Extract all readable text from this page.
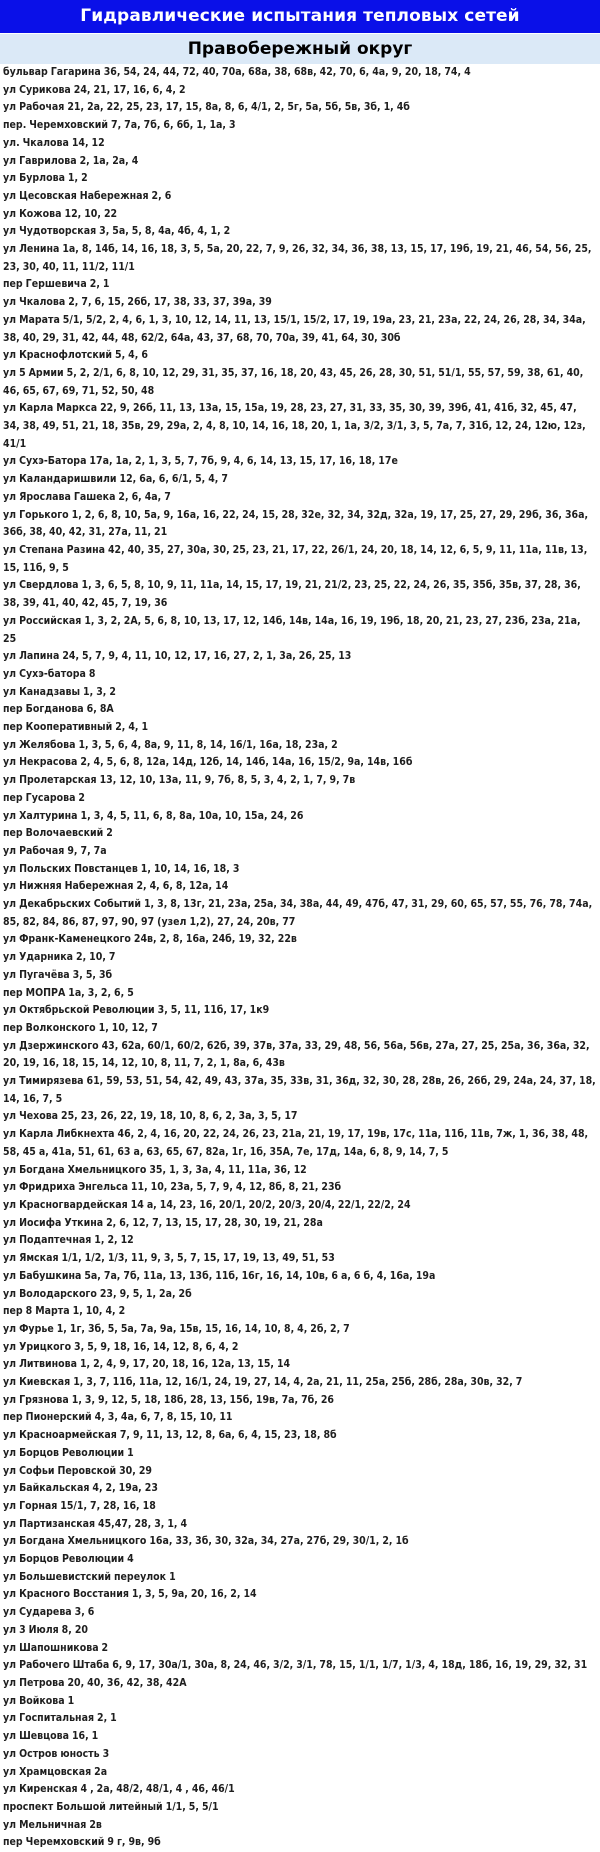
Гидравлические испытания тепловых сетей
Правобережный округ
бульвар Гагарина 36, 54, 24, 44, 72, 40, 70а, 68а, 38, 68в, 42, 70, 6, 4а, 9, 20, 18, 74, 4
ул Сурикова 24, 21, 17, 16, 6, 4, 2
ул Рабочая 21, 2а, 22, 25, 23, 17, 15, 8а, 8, 6, 4/1, 2, 5г, 5а, 5б, 5в, 3б, 1, 4б
пер. Черемховский 7, 7а, 7б, 6, 6б, 1, 1а, 3
ул. Чкалова 14, 12
ул Гаврилова 2, 1а, 2а, 4
ул Бурлова 1, 2
ул Цесовская Набережная 2, 6
ул Кожова 12, 10, 22
ул Чудотворская 3, 5а, 5, 8, 4а, 4б, 4, 1, 2
ул Ленина 1а, 8, 14б, 14, 16, 18, 3, 5, 5а, 20, 22, 7, 9, 26, 32, 34, 36, 38, 13, 15, 17, 19б, 19, 21, 46, 54, 56, 25, 23, 30, 40, 11, 11/2, 11/1
пер Гершевича 2, 1
ул Чкалова 2, 7, 6, 15, 26б, 17, 38, 33, 37, 39а, 39
ул Марата 5/1, 5/2, 2, 4, 6, 1, 3, 10, 12, 14, 11, 13, 15/1, 15/2, 17, 19, 19а, 23, 21, 23а, 22, 24, 26, 28, 34, 34а, 38, 40, 29, 31, 42, 44, 48, 62/2, 64а, 43, 37, 68, 70, 70а, 39, 41, 64, 30, 30б
ул Краснофлотский 5, 4, 6
ул 5 Армии 5, 2, 2/1, 6, 8, 10, 12, 29, 31, 35, 37, 16, 18, 20, 43, 45, 26, 28, 30, 51, 51/1, 55, 57, 59, 38, 61, 40, 46, 65, 67, 69, 71, 52, 50, 48
ул Карла Маркса 22, 9, 26б, 11, 13, 13а, 15, 15а, 19, 28, 23, 27, 31, 33, 35, 30, 39, 39б, 41, 41б, 32, 45, 47, 34, 38, 49, 51, 21, 18, 35в, 29, 29а, 2, 4, 8, 10, 14, 16, 18, 20, 1, 1а, 3/2, 3/1, 3, 5, 7а, 7, 31б, 12, 24, 12ю, 12з, 41/1
ул Сухэ-Батора 17а, 1а, 2, 1, 3, 5, 7, 7б, 9, 4, 6, 14, 13, 15, 17, 16, 18, 17е
ул Каландаришвили 12, 6а, 6, 6/1, 5, 4, 7
ул Ярослава Гашека 2, 6, 4а, 7
ул Горького 1, 2, 6, 8, 10, 5а, 9, 16а, 16, 22, 24, 15, 28, 32е, 32, 34, 32д, 32а, 19, 17, 25, 27, 29, 29б, 36, 36а, 36б, 38, 40, 42, 31, 27а, 11, 21
ул Степана Разина 42, 40, 35, 27, 30а, 30, 25, 23, 21, 17, 22, 26/1, 24, 20, 18, 14, 12, 6, 5, 9, 11, 11а, 11в, 13, 15, 11б, 9, 5
ул Свердлова 1, 3, 6, 5, 8, 10, 9, 11, 11а, 14, 15, 17, 19, 21, 21/2, 23, 25, 22, 24, 26, 35, 35б, 35в, 37, 28, 36, 38, 39, 41, 40, 42, 45, 7, 19, 36
ул Российская 1, 3, 2, 2А, 5, 6, 8, 10, 13, 17, 12, 14б, 14в, 14а, 16, 19, 19б, 18, 20, 21, 23, 27, 23б, 23а, 21а, 25
ул Лапина 24, 5, 7, 9, 4, 11, 10, 12, 17, 16, 27, 2, 1, 3а, 26, 25, 13
ул Сухэ-батора 8
ул Канадзавы 1, 3, 2
пер Богданова 6, 8А
пер Кооперативный 2, 4, 1
ул Желябова 1, 3, 5, 6, 4, 8а, 9, 11, 8, 14, 16/1, 16а, 18, 23а, 2
ул Некрасова 2, 4, 5, 6, 8, 12а, 14д, 12б, 14, 14б, 14а, 16, 15/2, 9а, 14в, 16б
ул Пролетарская 13, 12, 10, 13а, 11, 9, 7б, 8, 5, 3, 4, 2, 1, 7, 9, 7в
пер Гусарова 2
ул Халтурина 1, 3, 4, 5, 11, 6, 8, 8а, 10а, 10, 15а, 24, 26
пер Волочаевский 2
ул Рабочая 9, 7, 7а
ул Польских Повстанцев 1, 10, 14, 16, 18, 3
ул Нижняя Набережная 2, 4, 6, 8, 12а, 14
ул Декабрьских Событий 1, 3, 8, 13г, 21, 23а, 25а, 34, 38а, 44, 49, 47б, 47, 31, 29, 60, 65, 57, 55, 76, 78, 74а, 85, 82, 84, 86, 87, 97, 90, 97 (узел 1,2), 27, 24, 20в, 77
ул Франк-Каменецкого 24в, 2, 8, 16а, 24б, 19, 32, 22в
ул Ударника 2, 10, 7
ул Пугачёва 3, 5, 3б
пер МОПРА 1а, 3, 2, 6, 5
ул Октябрьской Революции 3, 5, 11, 11б, 17, 1к9
пер Волконского 1, 10, 12, 7
ул Дзержинского 43, 62а, 60/1, 60/2, 62б, 39, 37в, 37а, 33, 29, 48, 56, 56а, 56в, 27а, 27, 25, 25а, 36, 36а, 32, 20, 19, 16, 18, 15, 14, 12, 10, 8, 11, 7, 2, 1, 8а, 6, 43в
ул Тимирязева 61, 59, 53, 51, 54, 42, 49, 43, 37а, 35, 33в, 31, 36д, 32, 30, 28, 28в, 26, 26б, 29, 24а, 24, 37, 18, 14, 16, 7, 5
ул Чехова 25, 23, 26, 22, 19, 18, 10, 8, 6, 2, 3а, 3, 5, 17
ул Карла Либкнехта 46, 2, 4, 16, 20, 22, 24, 26, 23, 21а, 21, 19, 17, 19в, 17с, 11а, 11б, 11в, 7ж, 1, 36, 38, 48, 58, 45 а, 41а, 51, 61, 63 а, 63, 65, 67, 82а, 1г, 1б, 35А, 7е, 17д, 14а, 6, 8, 9, 14, 7, 5
ул Богдана Хмельницкого 35, 1, 3, 3а, 4, 11, 11а, 36, 12
ул Фридриха Энгельса 11, 10, 23а, 5, 7, 9, 4, 12, 8б, 8, 21, 23б
ул Красногвардейская 14 а, 14, 23, 16, 20/1, 20/2, 20/3, 20/4, 22/1, 22/2, 24
ул Иосифа Уткина 2, 6, 12, 7, 13, 15, 17, 28, 30, 19, 21, 28а
ул Подаптечная 1, 2, 12
ул Ямская 1/1, 1/2, 1/3, 11, 9, 3, 5, 7, 15, 17, 19, 13, 49, 51, 53
ул Бабушкина 5а, 7а, 7б, 11а, 13, 13б, 11б, 16г, 16, 14, 10в, 6 а, 6 б, 4, 16а, 19а
ул Володарского 23, 9, 5, 1, 2а, 2б
пер 8 Марта 1, 10, 4, 2
ул Фурье 1, 1г, 3б, 5, 5а, 7а, 9а, 15в, 15, 16, 14, 10, 8, 4, 2б, 2, 7
ул Урицкого 3, 5, 9, 18, 16, 14, 12, 8, 6, 4, 2
ул Литвинова 1, 2, 4, 9, 17, 20, 18, 16, 12а, 13, 15, 14
ул Киевская 1, 3, 7, 11б, 11а, 12, 16/1, 24, 19, 27, 14, 4, 2а, 21, 11, 25а, 25б, 28б, 28а, 30в, 32, 7
ул Грязнова 1, 3, 9, 12, 5, 18, 18б, 28, 13, 15б, 19в, 7а, 7б, 26
пер Пионерский 4, 3, 4а, 6, 7, 8, 15, 10, 11
ул Красноармейская 7, 9, 11, 13, 12, 8, 6а, 6, 4, 15, 23, 18, 8б
ул Борцов Революции 1
ул Софьи Перовской 30, 29
ул Байкальская 4, 2, 19а, 23
ул Горная 15/1, 7, 28, 16, 18
ул Партизанская 45,47, 28, 3, 1, 4
ул Богдана Хмельницкого 16а, 33, 3б, 30, 32а, 34, 27а, 27б, 29, 30/1, 2, 1б
ул Борцов Революции 4
ул Большевистский переулок 1
ул Красного Восстания 1, 3, 5, 9а, 20, 16, 2, 14
ул Сударева 3, 6
ул 3 Июля 8, 20
ул Шапошникова 2
ул Рабочего Штаба 6, 9, 17, 30а/1, 30а, 8, 24, 46, 3/2, 3/1, 78, 15, 1/1, 1/7, 1/3, 4, 18д, 18б, 16, 19, 29, 32, 31
ул Петрова 20, 40, 36, 42, 38, 42А
ул Войкова 1
ул Госпитальная 2, 1
ул Шевцова 16, 1
ул Остров юность 3
ул Храмцовская 2а
ул Киренская 4 , 2а, 48/2, 48/1, 4 , 46, 46/1
проспект Большой литейный 1/1, 5, 5/1
ул Мельничная 2в
пер Черемховский 9 г, 9в, 9б
